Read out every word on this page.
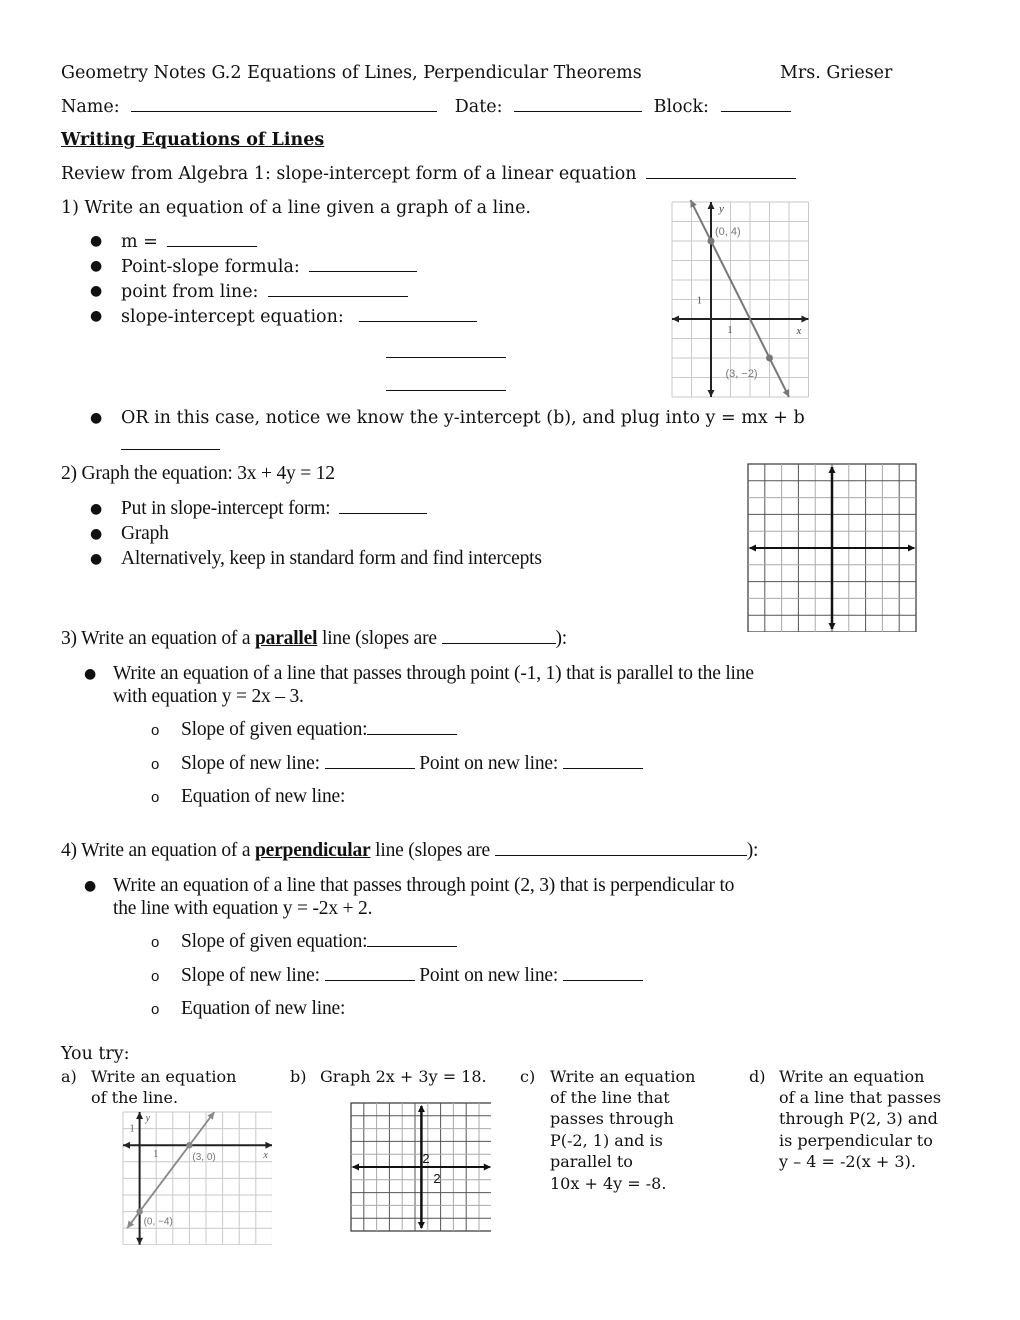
Geometry Notes G.2 Equations of Lines, Perpendicular Theorems	Mrs. Grieser
Name:	Date:	Block:
Writing Equations of Lines
Review from Algebra 1: slope-intercept form of a linear equation
1) Write an equation of a line given a graph of a line.
● m =
● Point-slope formula:
● point from line:
● slope-intercept equation:
● OR in this case, notice we know the y-intercept (b), and plug into y = mx + b
(0, 4)
(3, −2)
y
x
1
1
2) Graph the equation: 3x + 4y = 12
● Put in slope-intercept form:
● Graph
● Alternatively, keep in standard form and find intercepts
3) Write an equation of a parallel line (slopes are	):
● Write an equation of a line that passes through point (-1, 1) that is parallel to the line
with equation y = 2x – 3.
o Slope of given equation:
o Slope of new line:	Point on new line:
o Equation of new line:
4) Write an equation of a perpendicular line (slopes are	):
● Write an equation of a line that passes through point (2, 3) that is perpendicular to
the line with equation y = -2x + 2.
o Slope of given equation:
o Slope of new line:	Point on new line:
o Equation of new line:
You try:
a) Write an equation
of the line.
(3, 0)
(0, −4)
y
x
1
1
b) Graph 2x + 3y = 18.
2
2
c) Write an equation
of the line that
passes through
P(-2, 1) and is
parallel to
10x + 4y = -8.
d) Write an equation
of a line that passes
through P(2, 3) and
is perpendicular to
y – 4 = -2(x + 3).
